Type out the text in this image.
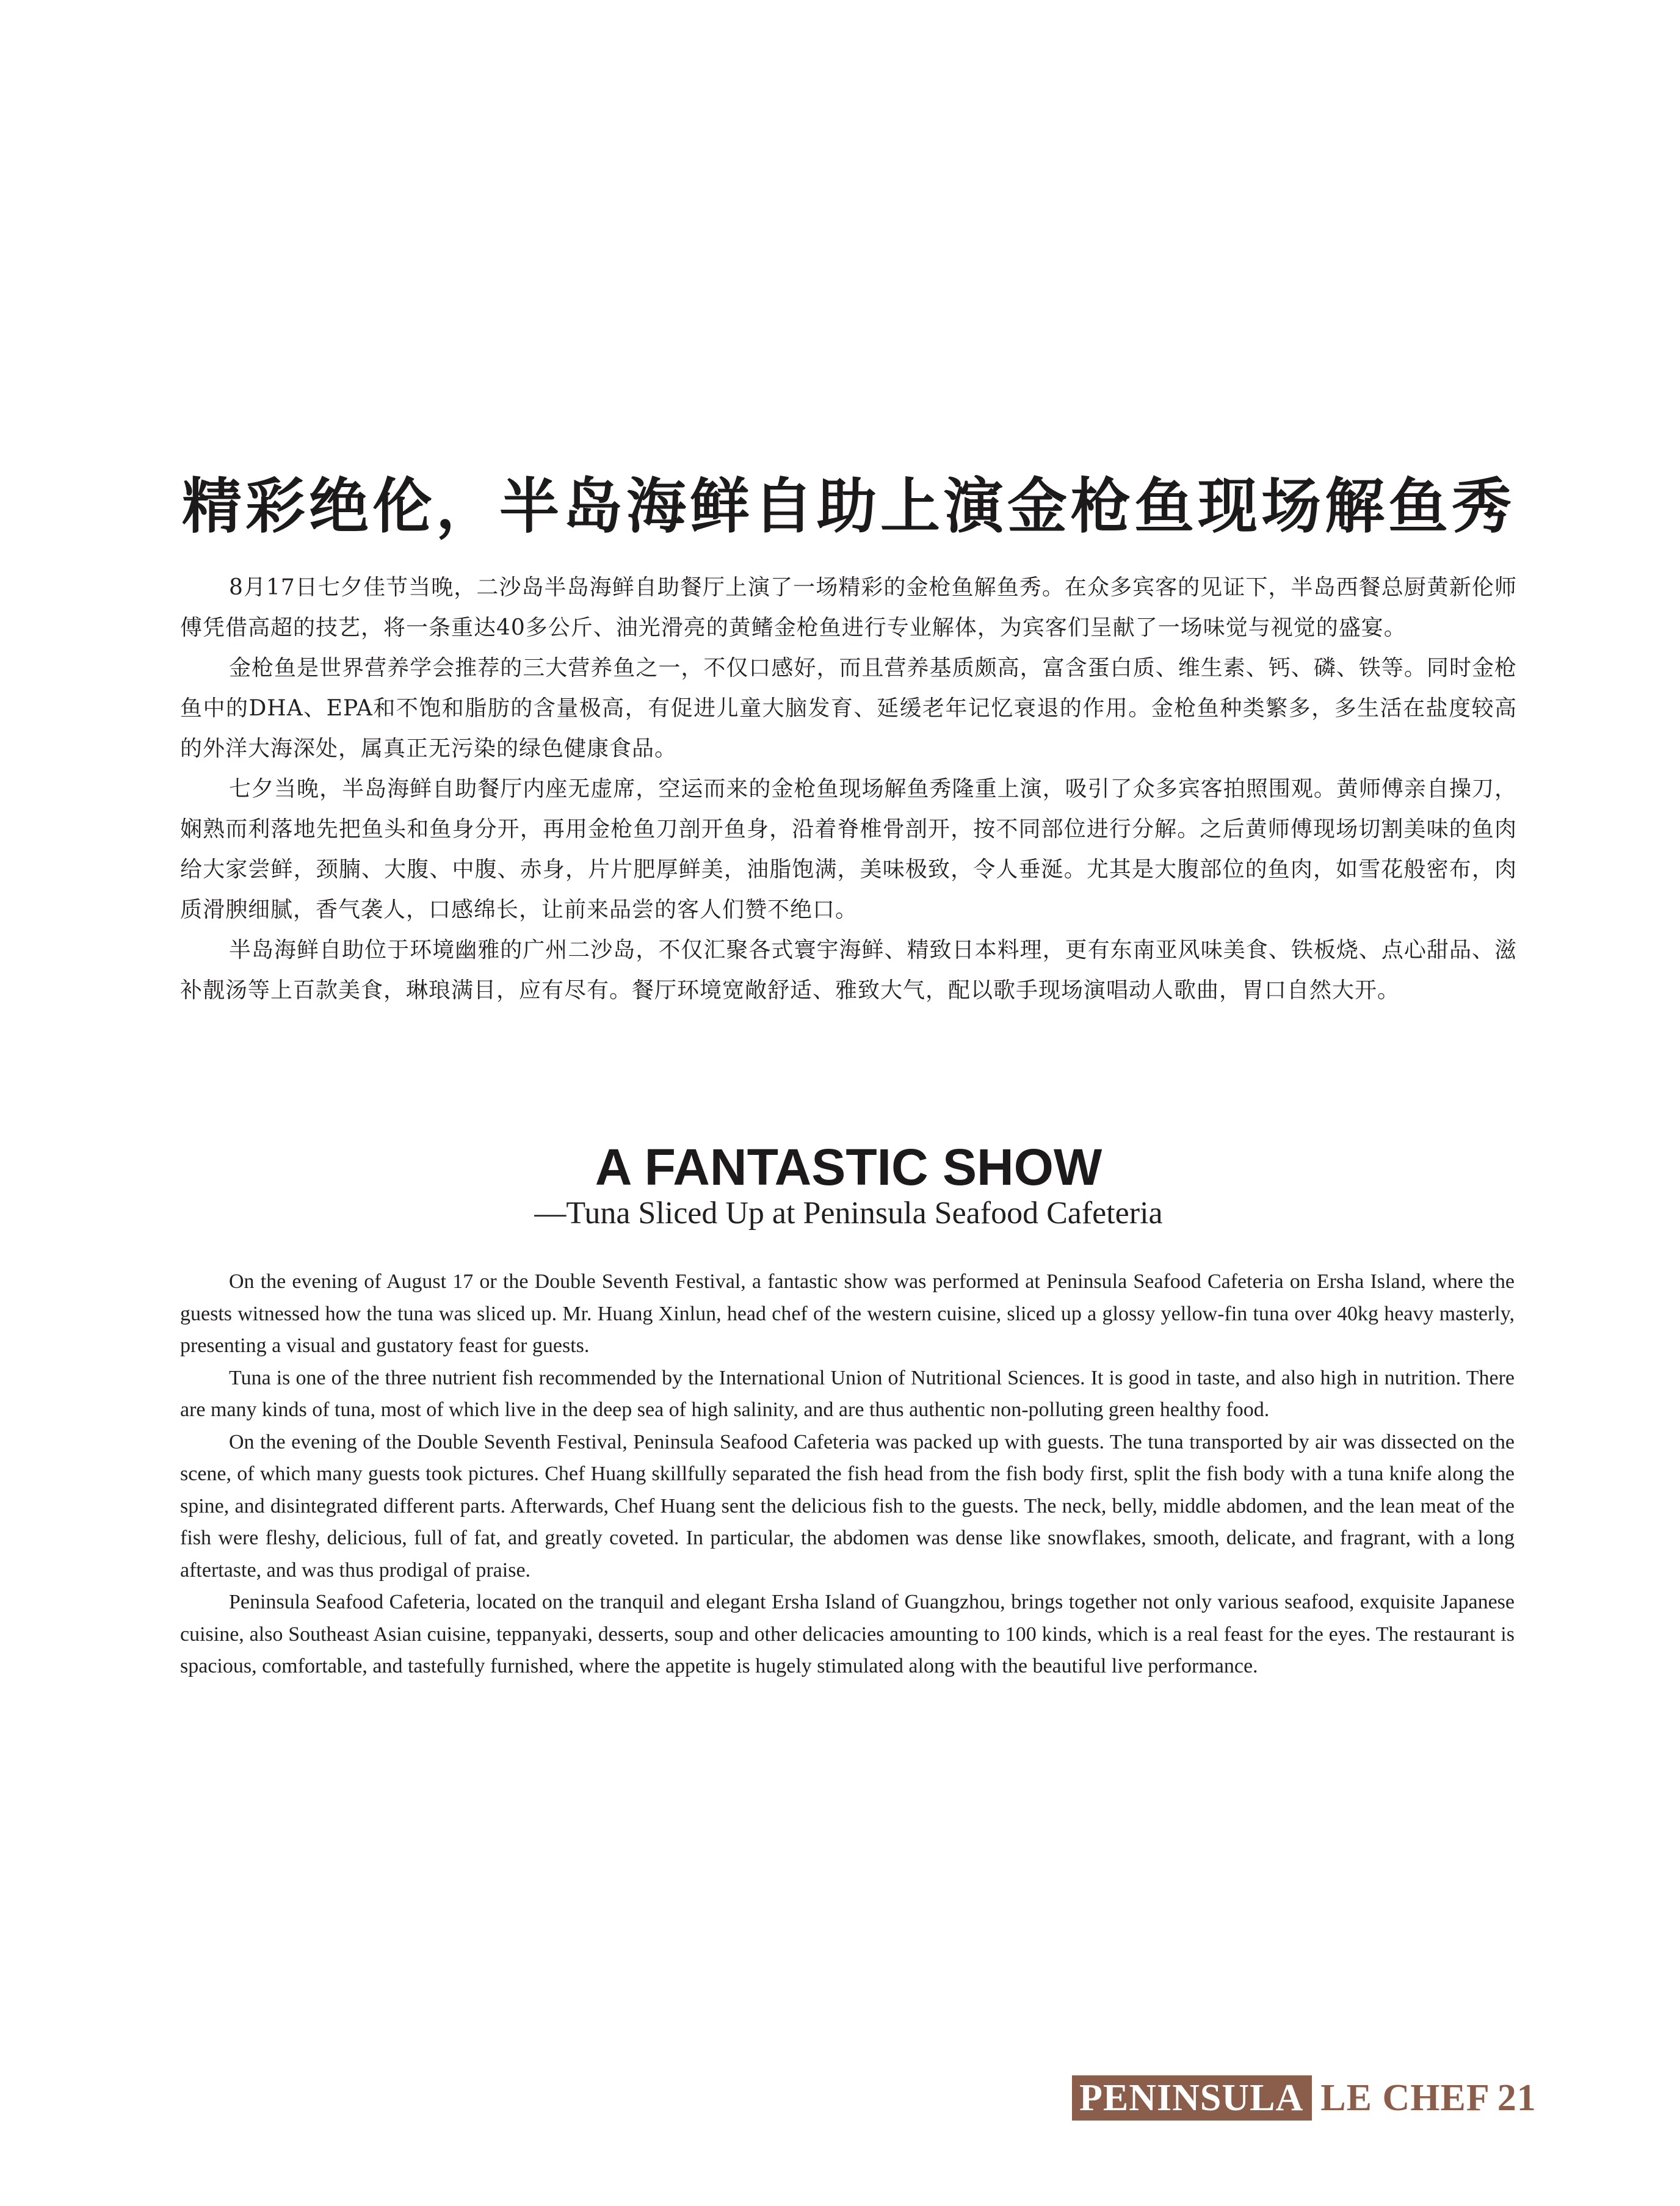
精彩绝伦，半岛海鲜自助上演金枪鱼现场解鱼秀

8月17日七夕佳节当晚，二沙岛半岛海鲜自助餐厅上演了一场精彩的金枪鱼解鱼秀。在众多宾客的见证下，半岛西餐总厨黄新伦师傅凭借高超的技艺，将一条重达40多公斤、油光滑亮的黄鳍金枪鱼进行专业解体，为宾客们呈献了一场味觉与视觉的盛宴。

金枪鱼是世界营养学会推荐的三大营养鱼之一，不仅口感好，而且营养基质颇高，富含蛋白质、维生素、钙、磷、铁等。同时金枪鱼中的DHA、EPA和不饱和脂肪的含量极高，有促进儿童大脑发育、延缓老年记忆衰退的作用。金枪鱼种类繁多，多生活在盐度较高的外洋大海深处，属真正无污染的绿色健康食品。

七夕当晚，半岛海鲜自助餐厅内座无虚席，空运而来的金枪鱼现场解鱼秀隆重上演，吸引了众多宾客拍照围观。黄师傅亲自操刀，娴熟而利落地先把鱼头和鱼身分开，再用金枪鱼刀剖开鱼身，沿着脊椎骨剖开，按不同部位进行分解。之后黄师傅现场切割美味的鱼肉给大家尝鲜，颈腩、大腹、中腹、赤身，片片肥厚鲜美，油脂饱满，美味极致，令人垂涎。尤其是大腹部位的鱼肉，如雪花般密布，肉质滑腴细腻，香气袭人，口感绵长，让前来品尝的客人们赞不绝口。

半岛海鲜自助位于环境幽雅的广州二沙岛，不仅汇聚各式寰宇海鲜、精致日本料理，更有东南亚风味美食、铁板烧、点心甜品、滋补靓汤等上百款美食，琳琅满目，应有尽有。餐厅环境宽敞舒适、雅致大气，配以歌手现场演唱动人歌曲，胃口自然大开。

A FANTASTIC SHOW
—Tuna Sliced Up at Peninsula Seafood Cafeteria

On the evening of August 17 or the Double Seventh Festival, a fantastic show was performed at Peninsula Seafood Cafeteria on Ersha Island, where the guests witnessed how the tuna was sliced up. Mr. Huang Xinlun, head chef of the western cuisine, sliced up a glossy yellow-fin tuna over 40kg heavy masterly, presenting a visual and gustatory feast for guests.

Tuna is one of the three nutrient fish recommended by the International Union of Nutritional Sciences. It is good in taste, and also high in nutrition. There are many kinds of tuna, most of which live in the deep sea of high salinity, and are thus authentic non-polluting green healthy food.

On the evening of the Double Seventh Festival, Peninsula Seafood Cafeteria was packed up with guests. The tuna transported by air was dissected on the scene, of which many guests took pictures. Chef Huang skillfully separated the fish head from the fish body first, split the fish body with a tuna knife along the spine, and disintegrated different parts. Afterwards, Chef Huang sent the delicious fish to the guests. The neck, belly, middle abdomen, and the lean meat of the fish were fleshy, delicious, full of fat, and greatly coveted. In particular, the abdomen was dense like snowflakes, smooth, delicate, and fragrant, with a long aftertaste, and was thus prodigal of praise.

Peninsula Seafood Cafeteria, located on the tranquil and elegant Ersha Island of Guangzhou, brings together not only various seafood, exquisite Japanese cuisine, also Southeast Asian cuisine, teppanyaki, desserts, soup and other delicacies amounting to 100 kinds, which is a real feast for the eyes. The restaurant is spacious, comfortable, and tastefully furnished, where the appetite is hugely stimulated along with the beautiful live performance.

PENINSULA LE CHEF 21
